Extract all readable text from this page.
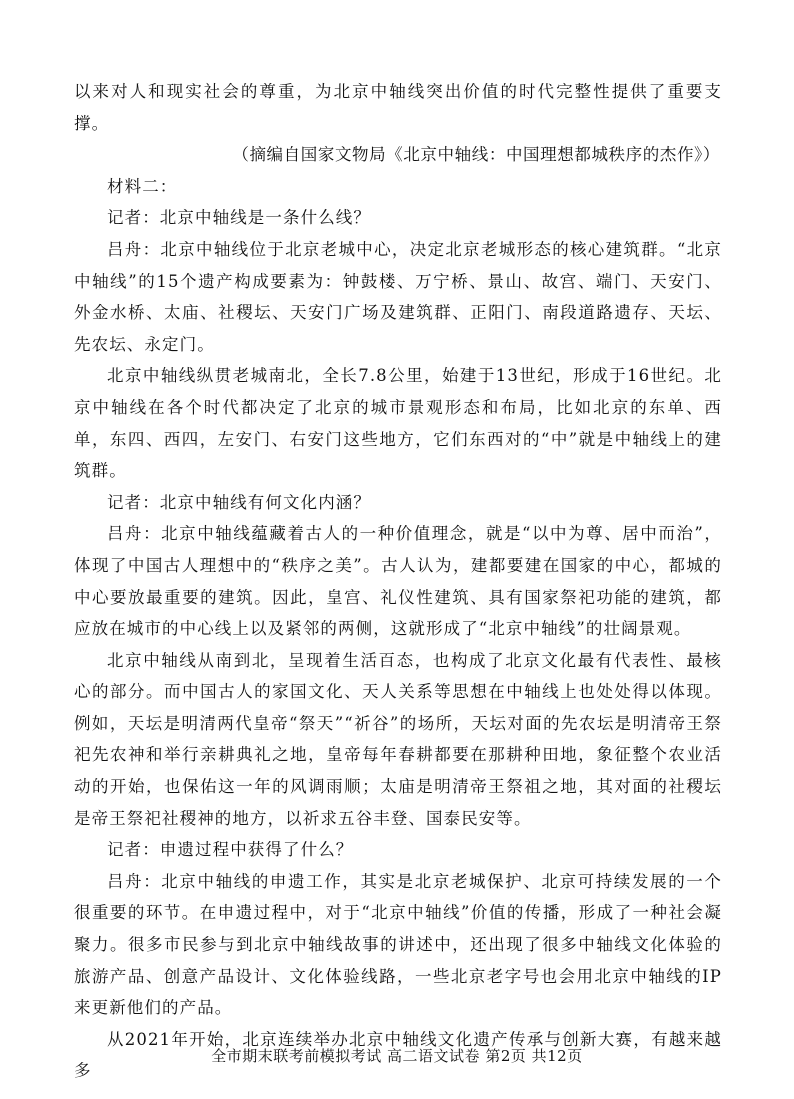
以来对人和现实社会的尊重，为北京中轴线突出价值的时代完整性提供了重要支撑。

（摘编自国家文物局《北京中轴线：中国理想都城秩序的杰作》）

材料二：

记者：北京中轴线是一条什么线？

吕舟：北京中轴线位于北京老城中心，决定北京老城形态的核心建筑群。“北京中轴线”的15个遗产构成要素为：钟鼓楼、万宁桥、景山、故宫、端门、天安门、外金水桥、太庙、社稷坛、天安门广场及建筑群、正阳门、南段道路遗存、天坛、先农坛、永定门。

北京中轴线纵贯老城南北，全长7.8公里，始建于13世纪，形成于16世纪。北京中轴线在各个时代都决定了北京的城市景观形态和布局，比如北京的东单、西单，东四、西四，左安门、右安门这些地方，它们东西对的“中”就是中轴线上的建筑群。

记者：北京中轴线有何文化内涵？

吕舟：北京中轴线蕴藏着古人的一种价值理念，就是“以中为尊、居中而治”，体现了中国古人理想中的“秩序之美”。古人认为，建都要建在国家的中心，都城的中心要放最重要的建筑。因此，皇宫、礼仪性建筑、具有国家祭祀功能的建筑，都应放在城市的中心线上以及紧邻的两侧，这就形成了“北京中轴线”的壮阔景观。

北京中轴线从南到北，呈现着生活百态，也构成了北京文化最有代表性、最核心的部分。而中国古人的家国文化、天人关系等思想在中轴线上也处处得以体现。例如，天坛是明清两代皇帝“祭天”“祈谷”的场所，天坛对面的先农坛是明清帝王祭祀先农神和举行亲耕典礼之地，皇帝每年春耕都要在那耕种田地，象征整个农业活动的开始，也保佑这一年的风调雨顺；太庙是明清帝王祭祖之地，其对面的社稷坛是帝王祭祀社稷神的地方，以祈求五谷丰登、国泰民安等。

记者：申遗过程中获得了什么？

吕舟：北京中轴线的申遗工作，其实是北京老城保护、北京可持续发展的一个很重要的环节。在申遗过程中，对于“北京中轴线”价值的传播，形成了一种社会凝聚力。很多市民参与到北京中轴线故事的讲述中，还出现了很多中轴线文化体验的旅游产品、创意产品设计、文化体验线路，一些北京老字号也会用北京中轴线的IP来更新他们的产品。

从2021年开始，北京连续举办北京中轴线文化遗产传承与创新大赛，有越来越多

全市期末联考前模拟考试 高二语文试卷 第2页 共12页
